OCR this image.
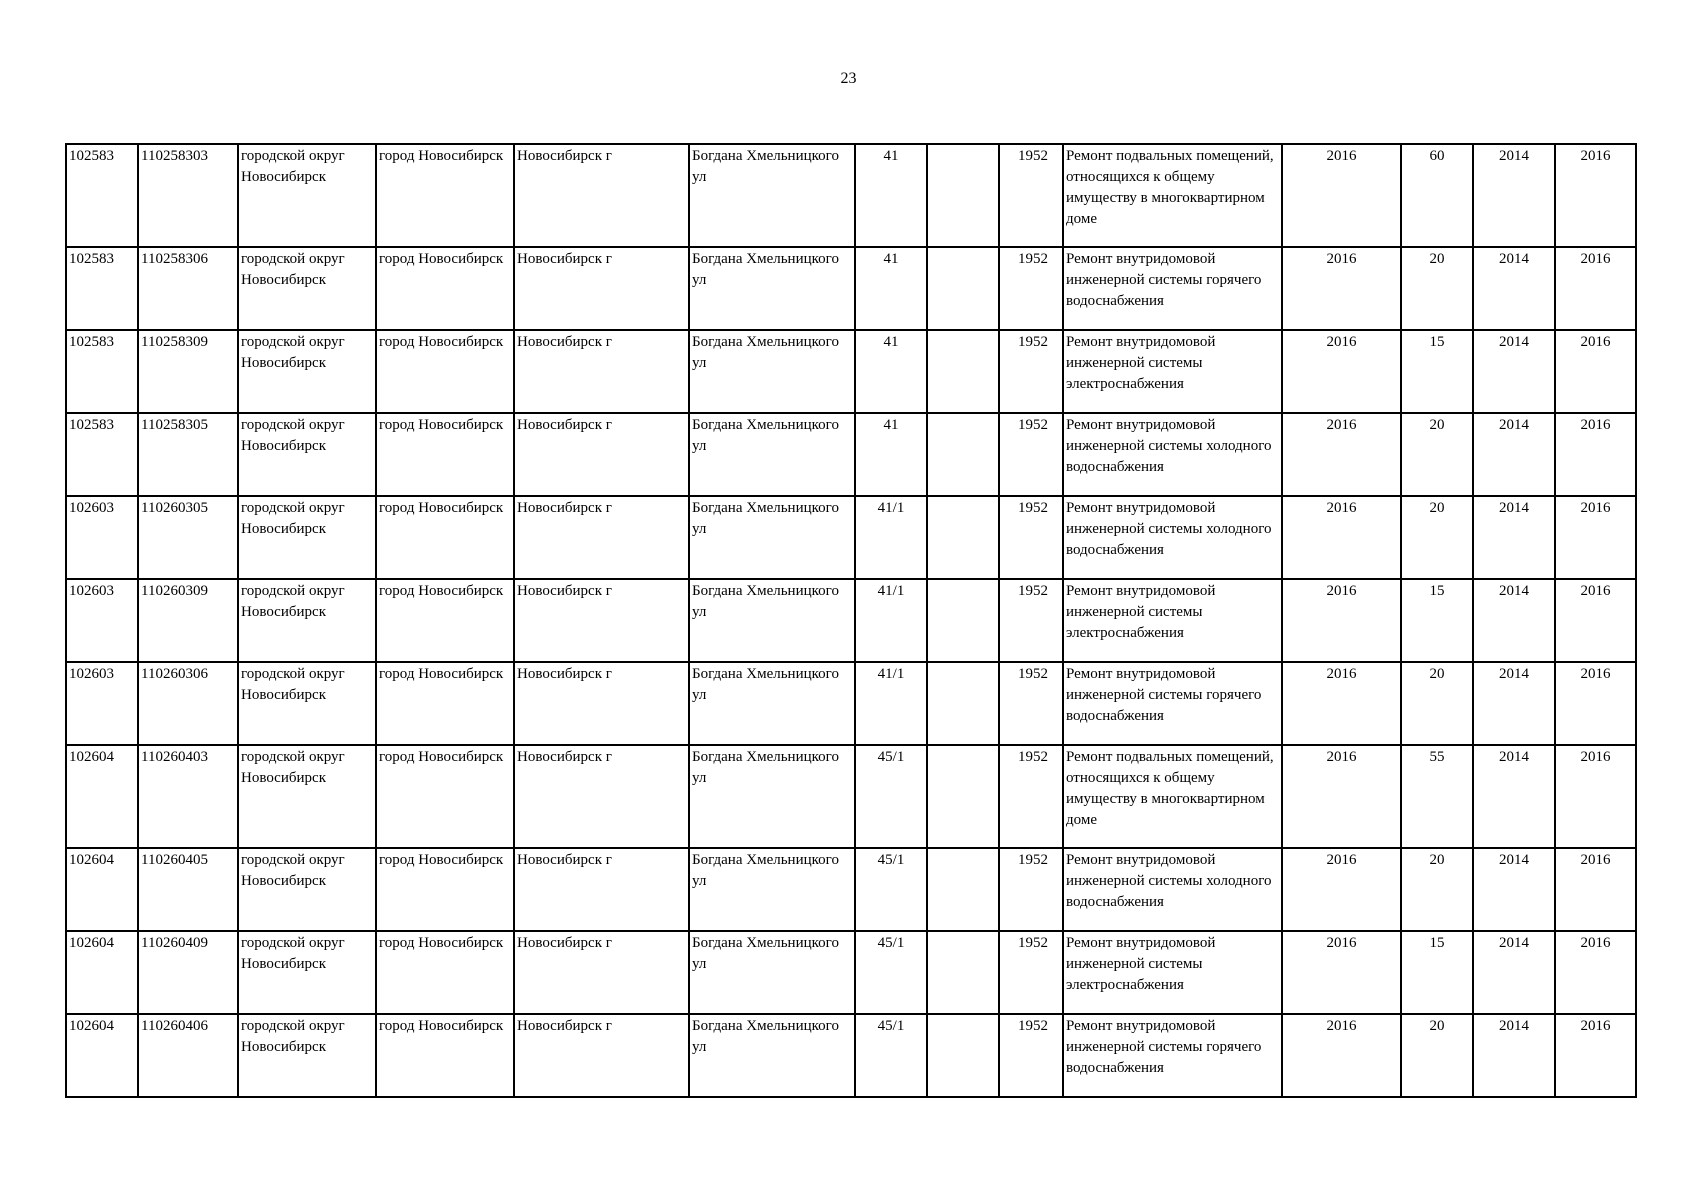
23
102583	110258303	городской округ Новосибирск	город Новосибирск	Новосибирск г	Богдана Хмельницкого ул	41		1952	Ремонт подвальных помещений, относящихся к общему имуществу в многоквартирном доме	2016	60	2014	2016
102583	110258306	городской округ Новосибирск	город Новосибирск	Новосибирск г	Богдана Хмельницкого ул	41		1952	Ремонт внутридомовой инженерной системы горячего водоснабжения	2016	20	2014	2016
102583	110258309	городской округ Новосибирск	город Новосибирск	Новосибирск г	Богдана Хмельницкого ул	41		1952	Ремонт внутридомовой инженерной системы электроснабжения	2016	15	2014	2016
102583	110258305	городской округ Новосибирск	город Новосибирск	Новосибирск г	Богдана Хмельницкого ул	41		1952	Ремонт внутридомовой инженерной системы холодного водоснабжения	2016	20	2014	2016
102603	110260305	городской округ Новосибирск	город Новосибирск	Новосибирск г	Богдана Хмельницкого ул	41/1		1952	Ремонт внутридомовой инженерной системы холодного водоснабжения	2016	20	2014	2016
102603	110260309	городской округ Новосибирск	город Новосибирск	Новосибирск г	Богдана Хмельницкого ул	41/1		1952	Ремонт внутридомовой инженерной системы электроснабжения	2016	15	2014	2016
102603	110260306	городской округ Новосибирск	город Новосибирск	Новосибирск г	Богдана Хмельницкого ул	41/1		1952	Ремонт внутридомовой инженерной системы горячего водоснабжения	2016	20	2014	2016
102604	110260403	городской округ Новосибирск	город Новосибирск	Новосибирск г	Богдана Хмельницкого ул	45/1		1952	Ремонт подвальных помещений, относящихся к общему имуществу в многоквартирном доме	2016	55	2014	2016
102604	110260405	городской округ Новосибирск	город Новосибирск	Новосибирск г	Богдана Хмельницкого ул	45/1		1952	Ремонт внутридомовой инженерной системы холодного водоснабжения	2016	20	2014	2016
102604	110260409	городской округ Новосибирск	город Новосибирск	Новосибирск г	Богдана Хмельницкого ул	45/1		1952	Ремонт внутридомовой инженерной системы электроснабжения	2016	15	2014	2016
102604	110260406	городской округ Новосибирск	город Новосибирск	Новосибирск г	Богдана Хмельницкого ул	45/1		1952	Ремонт внутридомовой инженерной системы горячего водоснабжения	2016	20	2014	2016
